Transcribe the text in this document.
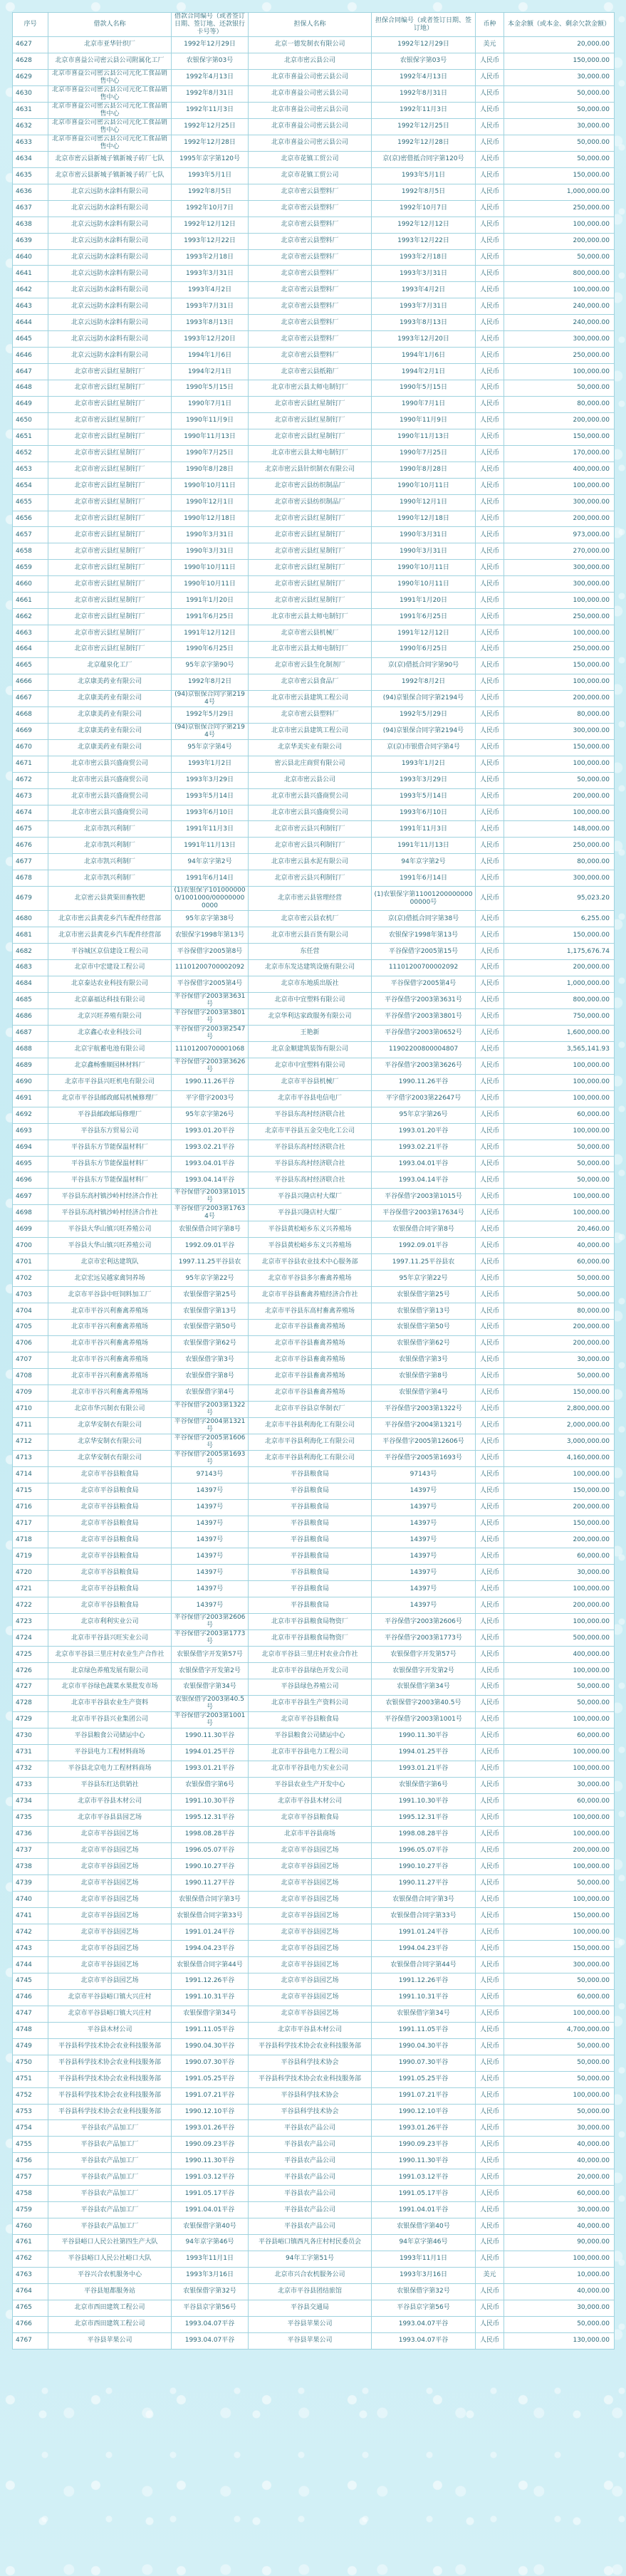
序号	借款人名称	借款合同编号（或者签订日期、签订地、还款银行卡号等）	担保人名称	担保合同编号（或者签订日期、签订地）	币种	本金余额（或本金、剩余欠款金额）
4627	北京市亚华针织厂	1992年12月29日	北京一德发制衣有限公司	1992年12月29日	美元	20,000.00
4628	北京市喜益公司密云县公司附属化工厂	农银保字第03号	北京市密云县公司	农银保字第03号	人民币	150,000.00
4629	北京市喜益公司密云县公司元化工食品销售中心	1992年4月13日	北京市喜益公司密云县公司	1992年4月13日	人民币	30,000.00
4630	北京市喜益公司密云县公司元化工食品销售中心	1992年8月31日	北京市喜益公司密云县公司	1992年8月31日	人民币	50,000.00
4631	北京市喜益公司密云县公司元化工食品销售中心	1992年11月3日	北京市喜益公司密云县公司	1992年11月3日	人民币	50,000.00
4632	北京市喜益公司密云县公司元化工食品销售中心	1992年12月25日	北京市喜益公司密云县公司	1992年12月25日	人民币	30,000.00
4633	北京市喜益公司密云县公司元化工食品销售中心	1992年12月28日	北京市喜益公司密云县公司	1992年12月28日	人民币	50,000.00
4634	北京市密云县新城子镇新城子砖厂七队	1995年京字第120号	北京市花镇工贸公司	京(京)密借抵合同字第120号	人民币	50,000.00
4635	北京市密云县新城子镇新城子砖厂七队	1993年5月1日	北京市花镇工贸公司	1993年5月1日	人民币	150,000.00
4636	北京云远防水涂料有限公司	1992年8月5日	北京市密云县塑料厂	1992年8月5日	人民币	1,000,000.00
4637	北京云远防水涂料有限公司	1992年10月7日	北京市密云县塑料厂	1992年10月7日	人民币	250,000.00
4638	北京云远防水涂料有限公司	1992年12月12日	北京市密云县塑料厂	1992年12月12日	人民币	100,000.00
4639	北京云远防水涂料有限公司	1993年12月22日	北京市密云县塑料厂	1993年12月22日	人民币	200,000.00
4640	北京云远防水涂料有限公司	1993年2月18日	北京市密云县塑料厂	1993年2月18日	人民币	50,000.00
4641	北京云远防水涂料有限公司	1993年3月31日	北京市密云县塑料厂	1993年3月31日	人民币	800,000.00
4642	北京云远防水涂料有限公司	1993年4月2日	北京市密云县塑料厂	1993年4月2日	人民币	100,000.00
4643	北京云远防水涂料有限公司	1993年7月31日	北京市密云县塑料厂	1993年7月31日	人民币	240,000.00
4644	北京云远防水涂料有限公司	1993年8月13日	北京市密云县塑料厂	1993年8月13日	人民币	240,000.00
4645	北京云远防水涂料有限公司	1993年12月20日	北京市密云县塑料厂	1993年12月20日	人民币	300,000.00
4646	北京云远防水涂料有限公司	1994年1月6日	北京市密云县塑料厂	1994年1月6日	人民币	250,000.00
4647	北京市密云县红星制钉厂	1994年2月1日	北京市密云县纸箱厂	1994年2月1日	人民币	100,000.00
4648	北京市密云县红星制钉厂	1990年5月15日	北京市密云县太师屯制钉厂	1990年5月15日	人民币	50,000.00
4649	北京市密云县红星制钉厂	1990年7月1日	北京市密云县红星制钉厂	1990年7月1日	人民币	80,000.00
4650	北京市密云县红星制钉厂	1990年11月9日	北京市密云县红星制钉厂	1990年11月9日	人民币	200,000.00
4651	北京市密云县红星制钉厂	1990年11月13日	北京市密云县红星制钉厂	1990年11月13日	人民币	150,000.00
4652	北京市密云县红星制钉厂	1990年7月25日	北京市密云县太师屯制钉厂	1990年7月25日	人民币	170,000.00
4653	北京市密云县红星制钉厂	1990年8月28日	北京市密云县针织制衣有限公司	1990年8月28日	人民币	400,000.00
4654	北京市密云县红星制钉厂	1990年10月11日	北京市密云县纺织制品厂	1990年10月11日	人民币	100,000.00
4655	北京市密云县红星制钉厂	1990年12月1日	北京市密云县纺织制品厂	1990年12月1日	人民币	300,000.00
4656	北京市密云县红星制钉厂	1990年12月18日	北京市密云县红星制钉厂	1990年12月18日	人民币	200,000.00
4657	北京市密云县红星制钉厂	1990年3月31日	北京市密云县红星制钉厂	1990年3月31日	人民币	973,000.00
4658	北京市密云县红星制钉厂	1990年3月31日	北京市密云县红星制钉厂	1990年3月31日	人民币	270,000.00
4659	北京市密云县红星制钉厂	1990年10月11日	北京市密云县红星制钉厂	1990年10月11日	人民币	300,000.00
4660	北京市密云县红星制钉厂	1990年10月11日	北京市密云县红星制钉厂	1990年10月11日	人民币	300,000.00
4661	北京市密云县红星制钉厂	1991年1月20日	北京市密云县红星制钉厂	1991年1月20日	人民币	100,000.00
4662	北京市密云县红星制钉厂	1991年6月25日	北京市密云县太师屯制钉厂	1991年6月25日	人民币	250,000.00
4663	北京市密云县红星制钉厂	1991年12月12日	北京市密云县机械厂	1991年12月12日	人民币	100,000.00
4664	北京市密云县红星制钉厂	1990年6月25日	北京市密云县太师屯制钉厂	1990年6月25日	人民币	250,000.00
4665	北京蕴泉化工厂	95年京字第90号	北京市密云县生化制剂厂	京(京)借抵合同字第90号	人民币	150,000.00
4666	北京康美药业有限公司	1992年8月2日	北京市密云县食品厂	1992年8月2日	人民币	100,000.00
4667	北京康美药业有限公司	(94)京银保合同字第2194号	北京市密云县建筑工程公司	(94)京银保合同字第2194号	人民币	200,000.00
4668	北京康美药业有限公司	1992年5月29日	北京市密云县塑料厂	1992年5月29日	人民币	80,000.00
4669	北京康美药业有限公司	(94)京银保合同字第2194号	北京市密云县建筑工程公司	(94)京银保合同字第2194号	人民币	300,000.00
4670	北京康美药业有限公司	95年京字第4号	北京华美实业有限公司	京(京)市银借合同字第4号	人民币	150,000.00
4671	北京市密云县兴盛商贸公司	1993年1月2日	密云县北庄商贸有限公司	1993年1月2日	人民币	100,000.00
4672	北京市密云县兴盛商贸公司	1993年3月29日	北京市密云县公司	1993年3月29日	人民币	50,000.00
4673	北京市密云县兴盛商贸公司	1993年5月14日	北京市密云县兴盛商贸公司	1993年5月14日	人民币	200,000.00
4674	北京市密云县兴盛商贸公司	1993年6月10日	北京市密云县兴盛商贸公司	1993年6月10日	人民币	100,000.00
4675	北京市凯兴利制厂	1991年11月3日	北京市密云县兴利制钉厂	1991年11月3日	人民币	148,000.00
4676	北京市凯兴利制厂	1991年11月13日	北京市密云县兴利制钉厂	1991年11月13日	人民币	250,000.00
4677	北京市凯兴利制厂	94年京字第2号	北京市密云县水泥有限公司	94年京字第2号	人民币	80,000.00
4678	北京市凯兴利制厂	1991年6月14日	北京市密云县兴利制钉厂	1991年6月14日	人民币	300,000.00
4679	北京密云县黄渠田畜牧肥	(1)农银保字1010000000/1001000/000000000000	北京市密云县管理经营	(1)农银保字第1100120000000000000号	人民币	95,023.20
4680	北京市密云县黄花乡汽车配件经营部	95年京字第38号	北京市密云县农机厂	京(京)借抵合同字第38号	人民币	6,255.00
4681	北京市密云县黄花乡汽车配件经营部	农银保字1998年第13号	北京市密云县百货有限公司	农银保字1998年第13号	人民币	150,000.00
4682	平谷城区京信建设工程公司	平谷保借字2005第8号	东任营	平谷保借字2005第15号	人民币	1,175,676.74
4683	北京市中宏建设工程公司	11101200700002092	北京市东发达建筑设施有限公司	11101200700002092	人民币	200,000.00
4684	北京泰达农业科技有限公司	平谷保借字2005第4号	北京市东地质出版社	平谷保借字2005第4号	人民币	1,000,000.00
4685	北京嘉福达科技有限公司	平谷保借字2003第3631号	北京市中宜塑料有限公司	平谷保借字2003第3631号	人民币	800,000.00
4686	北京兴旺养殖有限公司	平谷保借字2003第3801号	北京华利达家政服务有限公司	平谷保借字2003第3801号	人民币	750,000.00
4687	北京鑫心农业科技公司	平谷保借字2003第2547号	王艳新	平谷保借字2003第0652号	人民币	1,600,000.00
4688	北京宇航蓄电池有限公司	11101200700001068	北京金顺建筑装饰有限公司	11902200800004807	人民币	3,565,141.93
4689	北京鑫畅雅顺园林材料厂	平谷保借字2003第3626号	北京市中宜塑料有限公司	平谷保借字2003第3626号	人民币	100,000.00
4690	北京市平谷县兴旺机电有限公司	1990.11.26平谷	北京市平谷县机械厂	1990.11.26平谷	人民币	100,000.00
4691	北京市平谷县邮政邮局机械修理厂	平字借字2003号	北京市平谷县电信电厂	平字借字2003第22647号	人民币	100,000.00
4692	平谷县邮政邮局修理厂	95年京字第26号	平谷县东高村经济联合社	95年京字第26号	人民币	60,000.00
4693	平谷县东方贸易公司	1993.01.20平谷	北京市平谷县五金交电化工公司	1993.01.20平谷	人民币	100,000.00
4694	平谷县东方节能保温材料厂	1993.02.21平谷	平谷县东高村经济联合社	1993.02.21平谷	人民币	50,000.00
4695	平谷县东方节能保温材料厂	1993.04.01平谷	平谷县东高村经济联合社	1993.04.01平谷	人民币	50,000.00
4696	平谷县东方节能保温材料厂	1993.04.14平谷	平谷县东高村经济联合社	1993.04.14平谷	人民币	50,000.00
4697	平谷县东高村镇沙岭村经济合作社	平谷保借字2003第1015号	平谷县兴隆店村大煤厂	平谷保借字2003第1015号	人民币	100,000.00
4698	平谷县东高村镇沙岭村经济合作社	平谷保借字2003第17634号	平谷县兴隆店村大煤厂	平谷保借字2003第17634号	人民币	100,000.00
4699	平谷县大华山镇兴旺养殖公司	农银保借合同字第8号	平谷县黄松峪乡东义兴养殖场	农银保借合同字第8号	人民币	20,460.00
4700	平谷县大华山镇兴旺养殖公司	1992.09.01平谷	平谷县黄松峪乡东义兴养殖场	1992.09.01平谷	人民币	40,000.00
4701	北京市宏利达建筑队	1997.11.25平谷县农	北京市平谷县农业技术中心服务部	1997.11.25平谷县农	人民币	60,000.00
4702	北京宏远吴越家禽饲养场	95年京字第22号	北京市平谷县多尔畜禽养殖场	95年京字第22号	人民币	50,000.00
4703	北京市平谷县中旺饲料加工厂	农银保借字第25号	北京市平谷县畜禽养殖经济合作社	农银保借字第25号	人民币	50,000.00
4704	北京市平谷兴利畜禽养殖场	农银保借字第13号	北京市平谷县东高村畜禽养殖场	农银保借字第13号	人民币	80,000.00
4705	北京市平谷兴利畜禽养殖场	农银保借字第50号	北京市平谷县畜禽养殖场	农银保借字第50号	人民币	200,000.00
4706	北京市平谷兴利畜禽养殖场	农银保借字第62号	北京市平谷县畜禽养殖场	农银保借字第62号	人民币	200,000.00
4707	北京市平谷兴利畜禽养殖场	农银保借字第3号	北京市平谷县畜禽养殖场	农银保借字第3号	人民币	30,000.00
4708	北京市平谷兴利畜禽养殖场	农银保借字第8号	北京市平谷县畜禽养殖场	农银保借字第8号	人民币	50,000.00
4709	北京市平谷兴利畜禽养殖场	农银保借字第4号	北京市平谷县畜禽养殖场	农银保借字第4号	人民币	150,000.00
4710	北京市华兴制衣有限公司	平谷保借字2003第1322号	北京市平谷县京华制衣厂	平谷保借字2003第1322号	人民币	2,800,000.00
4711	北京华安制衣有限公司	平谷保借字2004第1321号	北京市平谷县利海化工有限公司	平谷保借字2004第1321号	人民币	2,000,000.00
4712	北京华安制衣有限公司	平谷保借字2005第1606号	北京市平谷县利海化工有限公司	平谷保借字2005第12606号	人民币	3,000,000.00
4713	北京华安制衣有限公司	平谷保借字2005第1693号	北京市平谷县利海化工有限公司	平谷保借字2005第1693号	人民币	4,160,000.00
4714	北京市平谷县粮食局	97143号	平谷县粮食局	97143号	人民币	100,000.00
4715	北京市平谷县粮食局	14397号	平谷县粮食局	14397号	人民币	150,000.00
4716	北京市平谷县粮食局	14397号	平谷县粮食局	14397号	人民币	200,000.00
4717	北京市平谷县粮食局	14397号	平谷县粮食局	14397号	人民币	150,000.00
4718	北京市平谷县粮食局	14397号	平谷县粮食局	14397号	人民币	200,000.00
4719	北京市平谷县粮食局	14397号	平谷县粮食局	14397号	人民币	60,000.00
4720	北京市平谷县粮食局	14397号	平谷县粮食局	14397号	人民币	30,000.00
4721	北京市平谷县粮食局	14397号	平谷县粮食局	14397号	人民币	100,000.00
4722	北京市平谷县粮食局	14397号	平谷县粮食局	14397号	人民币	200,000.00
4723	北京市利利实业公司	平谷保借字2003第2606号	北京市平谷县粮食局物资厂	平谷保借字2003第2606号	人民币	100,000.00
4724	北京市平谷县兴旺实业公司	平谷保借字2003第1773号	北京市平谷县粮食局物资厂	平谷保借字2003第1773号	人民币	500,000.00
4725	北京市平谷县三里庄村农业生产合作社	农银保借字开发第57号	北京市平谷县三里庄村农业合作社	农银保借字开发第57号	人民币	400,000.00
4726	北京绿色养殖发展有限公司	农银保借字开发第2号	北京市平谷县绿色开发公司	农银保借字开发第2号	人民币	100,000.00
4727	北京市平谷绿色蔬菜水果批发市场	农银保借字第34号	平谷县绿色养殖公司	农银保借字第34号	人民币	50,000.00
4728	北京市平谷县农业生产资料	农银保借字2003第40.5号	北京市平谷县生产资料公司	农银保借字2003第40.5号	人民币	50,000.00
4729	北京市平谷县兴业集团公司	平谷保借字2003第1001号	北京市平谷县粮食局	平谷保借字2003第1001号	人民币	100,000.00
4730	平谷县粮食公司储运中心	1990.11.30平谷	平谷县粮食公司储运中心	1990.11.30平谷	人民币	60,000.00
4731	平谷县电力工程材料商场	1994.01.25平谷	北京市平谷县电力工程公司	1994.01.25平谷	人民币	100,000.00
4732	平谷县北京电力工程材料商场	1993.01.21平谷	北京市平谷县电力实业公司	1993.01.21平谷	人民币	100,000.00
4733	平谷县东红达供销社	农银保借字第6号	平谷县农业生产开发中心	农银保借字第6号	人民币	30,000.00
4734	北京市平谷县木材公司	1991.10.30平谷	北京市平谷县木材公司	1991.10.30平谷	人民币	60,000.00
4735	北京市平谷县县园艺场	1995.12.31平谷	北京市平谷县粮食局	1995.12.31平谷	人民币	100,000.00
4736	北京市平谷县园艺场	1998.08.28平谷	北京市平谷县商场	1998.08.28平谷	人民币	100,000.00
4737	北京市平谷县园艺场	1996.05.07平谷	北京市平谷县园艺场	1996.05.07平谷	人民币	200,000.00
4738	北京市平谷县园艺场	1990.10.27平谷	北京市平谷县园艺场	1990.10.27平谷	人民币	100,000.00
4739	北京市平谷县园艺场	1990.11.27平谷	北京市平谷县园艺场	1990.11.27平谷	人民币	50,000.00
4740	北京市平谷县园艺场	农银保借合同字第3号	北京市平谷县园艺场	农银保借合同字第3号	人民币	100,000.00
4741	北京市平谷县园艺场	农银保借合同字第33号	北京市平谷县园艺场	农银保借合同字第33号	人民币	150,000.00
4742	北京市平谷县园艺场	1991.01.24平谷	北京市平谷县园艺场	1991.01.24平谷	人民币	100,000.00
4743	北京市平谷县园艺场	1994.04.23平谷	北京市平谷县园艺场	1994.04.23平谷	人民币	150,000.00
4744	北京市平谷县园艺场	农银保借合同字第44号	北京市平谷县园艺场	农银保借合同字第44号	人民币	300,000.00
4745	北京市平谷县园艺场	1991.12.26平谷	北京市平谷县园艺场	1991.12.26平谷	人民币	50,000.00
4746	北京市平谷县峪口镇大兴庄村	1991.10.31平谷	北京市平谷县园艺场	1991.10.31平谷	人民币	60,000.00
4747	北京市平谷县峪口镇大兴庄村	农银保借字第34号	北京市平谷县园艺场	农银保借字第34号	人民币	100,000.00
4748	平谷县木材公司	1991.11.05平谷	北京市平谷县木材公司	1991.11.05平谷	人民币	4,700,000.00
4749	平谷县科学技术协会农业科技服务部	1990.04.30平谷	平谷县科学技术协会农业科技服务部	1990.04.30平谷	人民币	50,000.00
4750	平谷县科学技术协会农业科技服务部	1990.07.30平谷	平谷县科学技术协会	1990.07.30平谷	人民币	50,000.00
4751	平谷县科学技术协会农业科技服务部	1991.05.25平谷	平谷县科学技术协会农业科技服务部	1991.05.25平谷	人民币	50,000.00
4752	平谷县科学技术协会农业科技服务部	1991.07.21平谷	平谷县科学技术协会	1991.07.21平谷	人民币	100,000.00
4753	平谷县科学技术协会农业科技服务部	1990.12.10平谷	平谷县科学技术协会	1990.12.10平谷	人民币	50,000.00
4754	平谷县农产品加工厂	1993.01.26平谷	平谷县农产品公司	1993.01.26平谷	人民币	30,000.00
4755	平谷县农产品加工厂	1990.09.23平谷	平谷县农产品公司	1990.09.23平谷	人民币	40,000.00
4756	平谷县农产品加工厂	1990.11.30平谷	平谷县农产品公司	1990.11.30平谷	人民币	40,000.00
4757	平谷县农产品加工厂	1991.03.12平谷	平谷县农产品公司	1991.03.12平谷	人民币	20,000.00
4758	平谷县农产品加工厂	1991.05.17平谷	平谷县农产品公司	1991.05.17平谷	人民币	60,000.00
4759	平谷县农产品加工厂	1991.04.01平谷	平谷县农产品公司	1991.04.01平谷	人民币	30,000.00
4760	平谷县农产品加工厂	农银保借字第40号	平谷县农产品公司	农银保借字第40号	人民币	40,000.00
4761	平谷县峪口人民公社第四生产大队	94年京字第46号	平谷县峪口镇西凡各庄村村民委员会	94年京字第46号	人民币	90,000.00
4762	平谷县峪口人民公社峪口大队	1993年11月1日	94年工字第51号	1993年11月1日	人民币	100,000.00
4763	平谷兴合农机服务中心	1993年3月16日	北京市兴合农机服务公司	1993年3月16日	美元	10,000.00
4764	平谷县旭都服务站	农银保借字第32号	北京市平谷县团结旅馆	农银保借字第32号	人民币	40,000.00
4765	北京市西田建筑工程公司	平谷县京字第56号	平谷县交通局	平谷县京字第56号	人民币	30,000.00
4766	北京市西田建筑工程公司	1993.04.07平谷	平谷县苹果公司	1993.04.07平谷	人民币	50,000.00
4767	平谷县苹果公司	1993.04.07平谷	平谷县苹果公司	1993.04.07平谷	人民币	130,000.00
